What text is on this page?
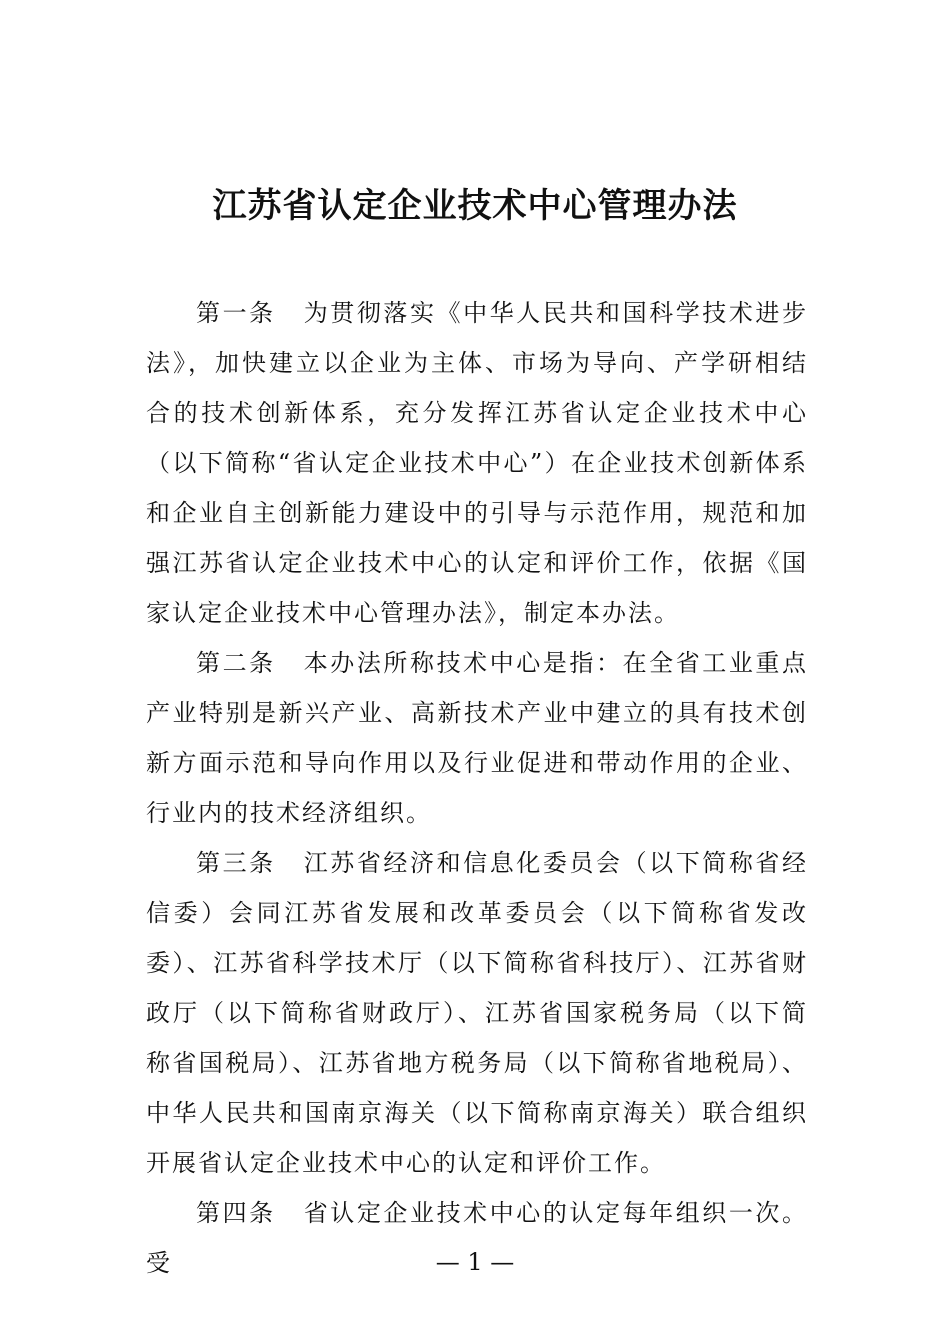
江苏省认定企业技术中心管理办法

第一条 为贯彻落实《中华人民共和国科学技术进步法》，加快建立以企业为主体、市场为导向、产学研相结合的技术创新体系，充分发挥江苏省认定企业技术中心（以下简称“省认定企业技术中心”）在企业技术创新体系和企业自主创新能力建设中的引导与示范作用，规范和加强江苏省认定企业技术中心的认定和评价工作，依据《国家认定企业技术中心管理办法》，制定本办法。

第二条 本办法所称技术中心是指：在全省工业重点产业特别是新兴产业、高新技术产业中建立的具有技术创新方面示范和导向作用以及行业促进和带动作用的企业、行业内的技术经济组织。

第三条 江苏省经济和信息化委员会（以下简称省经信委）会同江苏省发展和改革委员会（以下简称省发改委）、江苏省科学技术厅（以下简称省科技厅）、江苏省财政厅（以下简称省财政厅）、江苏省国家税务局（以下简称省国税局）、江苏省地方税务局（以下简称省地税局）、中华人民共和国南京海关（以下简称南京海关）联合组织开展省认定企业技术中心的认定和评价工作。

第四条 省认定企业技术中心的认定每年组织一次。受	— 1 —
